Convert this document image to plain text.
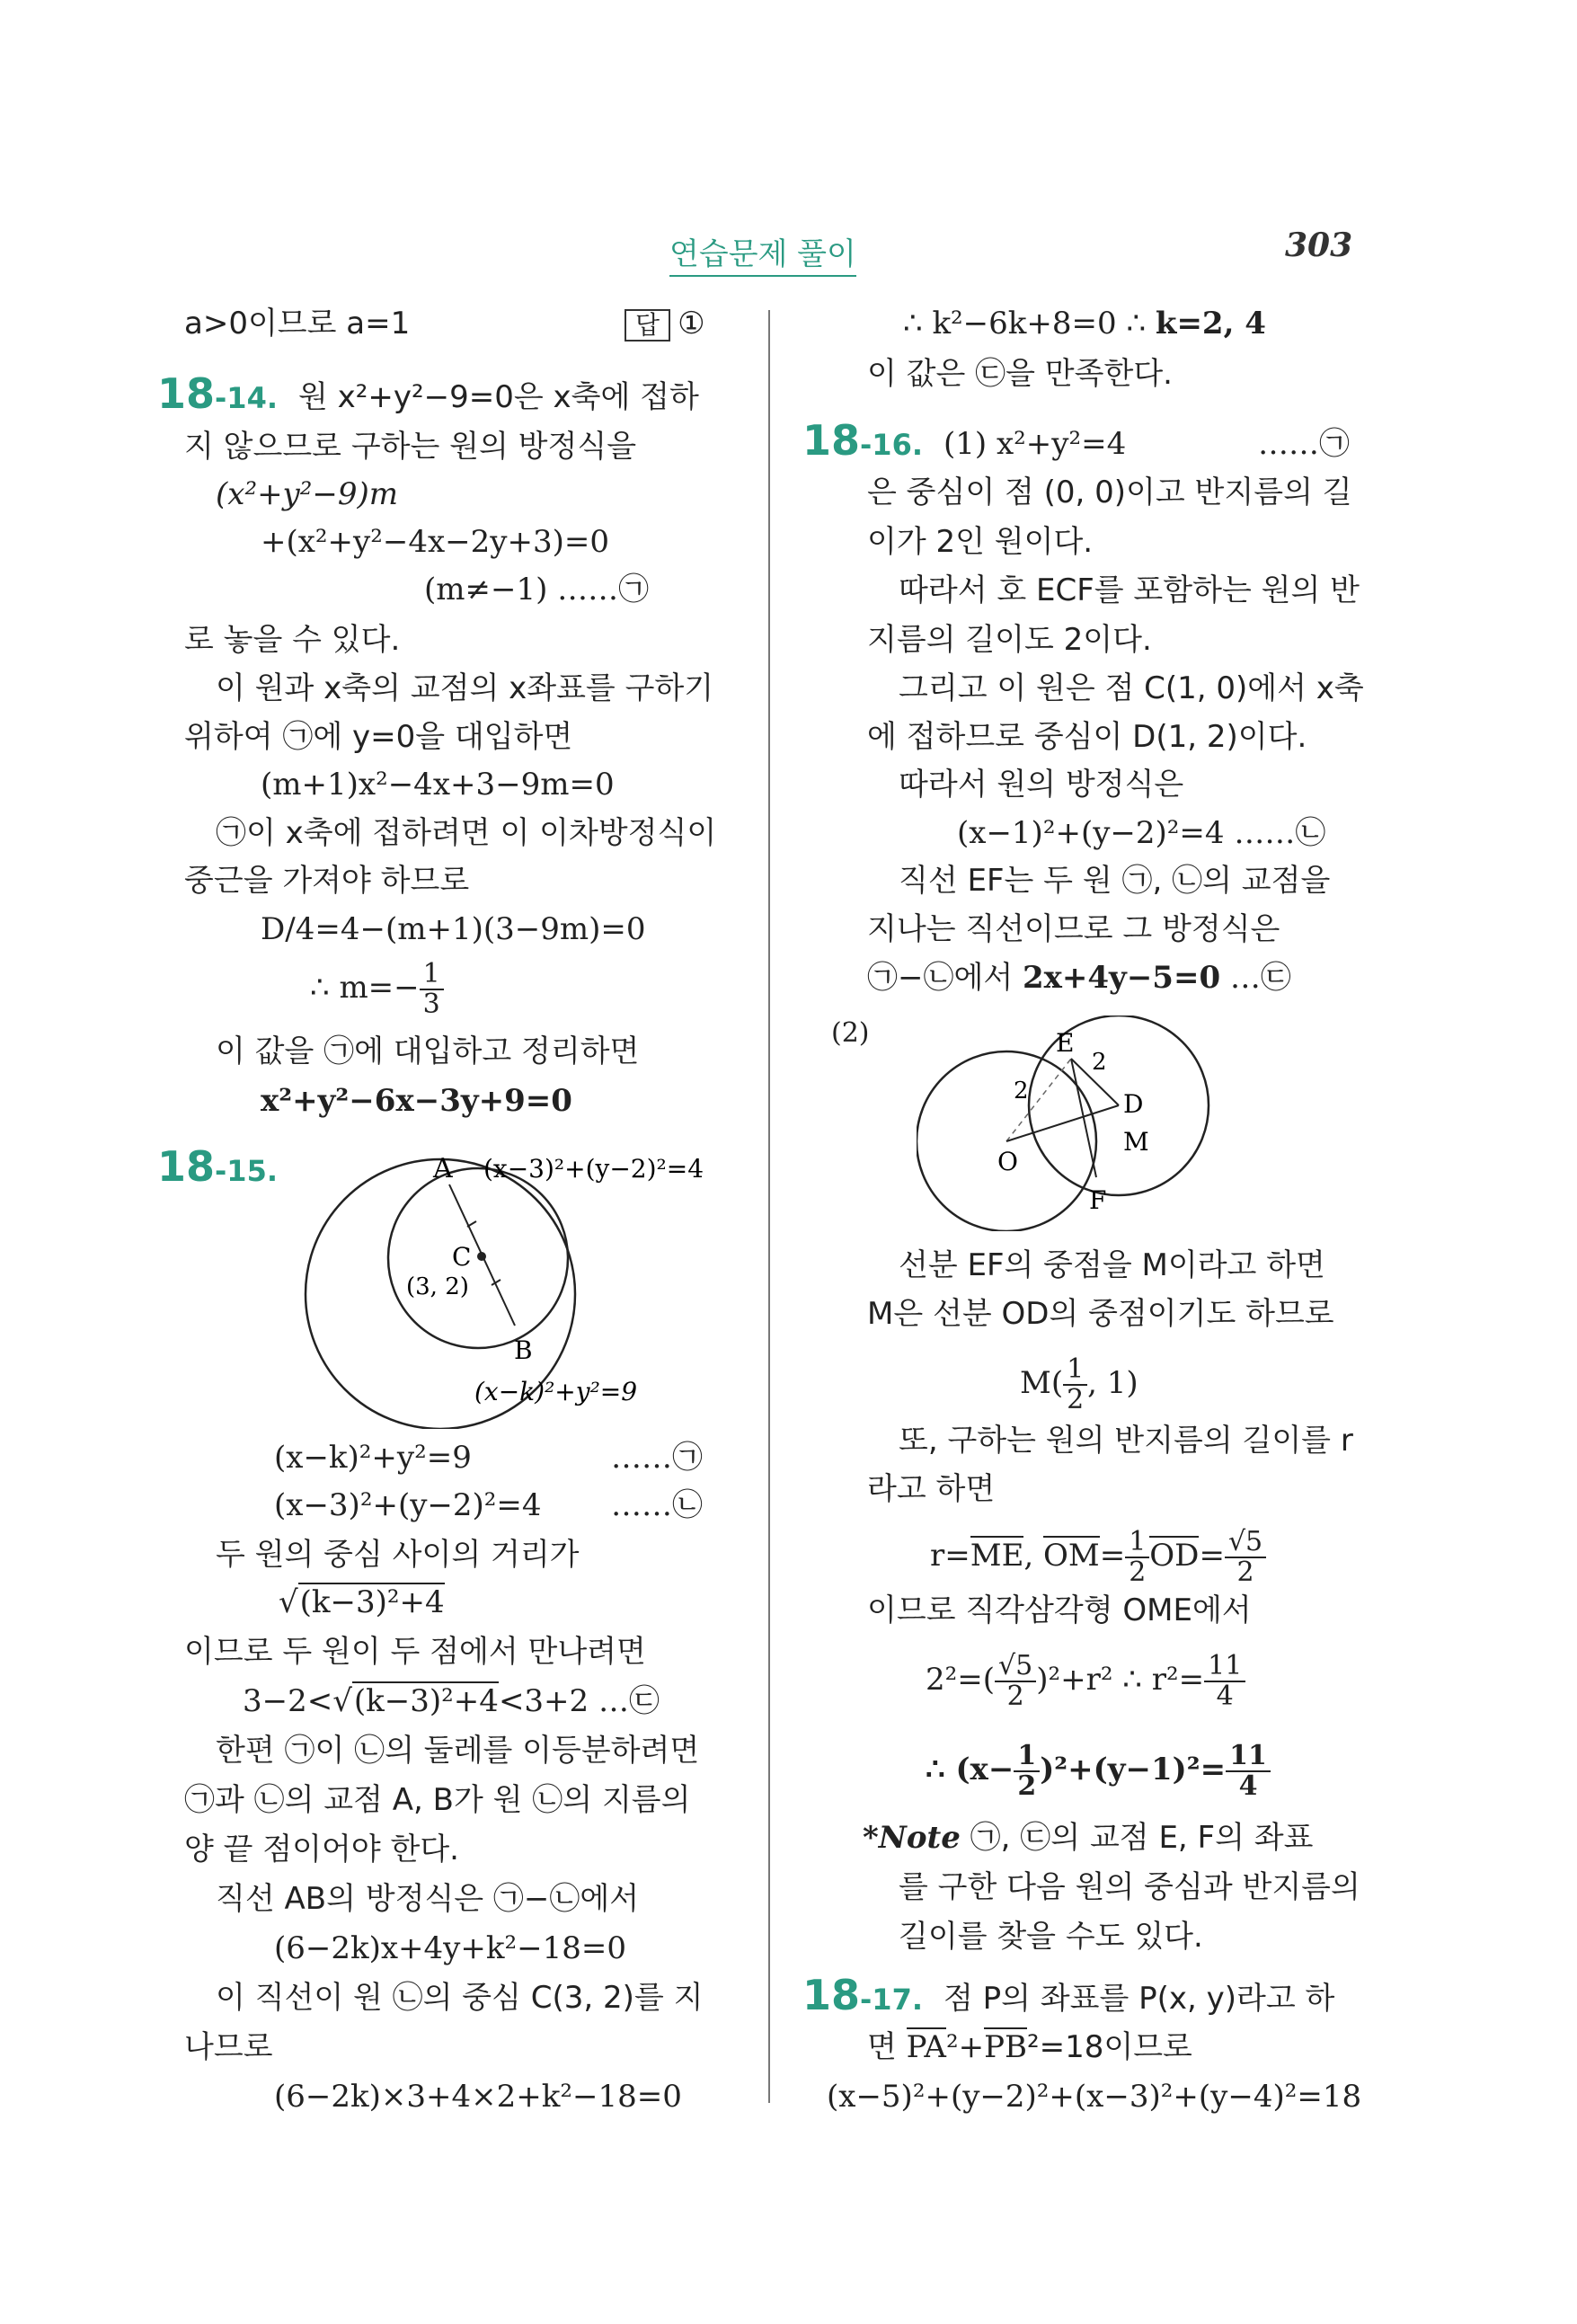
연습문제 풀이	303
a>0이므로 a=1	답 ①
18-14. 원 x²+y²−9=0은 x축에 접하
지 않으므로 구하는 원의 방정식을
(x²+y²−9)m
+(x²+y²−4x−2y+3)=0
(m≠−1) ……㉠
로 놓을 수 있다.
이 원과 x축의 교점의 x좌표를 구하기
위하여 ㉠에 y=0을 대입하면
(m+1)x²−4x+3−9m=0
㉠이 x축에 접하려면 이 이차방정식이
중근을 가져야 하므로
D/4=4−(m+1)(3−9m)=0
∴ $m=- \frac{1}{3}$
이 값을 ㉠에 대입하고 정리하면
x²+y²−6x−3y+9=0
18-15.	A
C
(3, 2)
B
(x−3)²+(y−2)²=4
(x−k)²+y²=9
(x−k)²+y²=9	……㉠
(x−3)²+(y−2)²=4 ……㉡
두 원의 중심 사이의 거리가
√(k−3)²+4
이므로 두 원이 두 점에서 만나려면
3−2<√(k−3)²+4<3+2 …㉢
한편 ㉠이 ㉡의 둘레를 이등분하려면
㉠과 ㉡의 교점 A, B가 원 ㉡의 지름의
양 끝 점이어야 한다.
직선 AB의 방정식은 ㉠−㉡에서
(6−2k)x+4y+k²−18=0
이 직선이 원 ㉡의 중심 C(3, 2)를 지
나므로
(6−2k)×3+4×2+k²−18=0
∴ k²−6k+8=0 ∴ k=2, 4
이 값은 ㉢을 만족한다.
18-16. (1) x²+y²=4	……㉠
은 중심이 점 (0, 0)이고 반지름의 길
이가 2인 원이다.
따라서 호 ECF를 포함하는 원의 반
지름의 길이도 2이다.
그리고 이 원은 점 C(1, 0)에서 x축
에 접하므로 중심이 D(1, 2)이다.
따라서 원의 방정식은
(x−1)²+(y−2)²=4 ……㉡
직선 EF는 두 원 ㉠, ㉡의 교점을
지나는 직선이므로 그 방정식은
㉠−㉡에서 2x+4y−5=0 …㉢
(2)	E
2
2
D
O
M
F
선분 EF의 중점을 M이라고 하면
M은 선분 OD의 중점이기도 하므로
$M( \frac{1}{2}$ , 1)
또, 구하는 원의 반지름의 길이를 r
라고 하면
r=ME, $OM= \frac{1}{2} OD= \frac{√5}{2}$
이므로 직각삼각형 OME에서
$2^2=( \frac{√5}{2} )^2+r^2$ ∴ $r^2= \frac{11}{4}$
∴ $(x- \frac{1}{2} )^2+(y-1)^2= \frac{11}{4}$
*Note ㉠, ㉢의 교점 E, F의 좌표
를 구한 다음 원의 중심과 반지름의
길이를 찾을 수도 있다.
18-17. 점 P의 좌표를 P(x, y)라고 하
면 PA²+PB²=18이므로
(x−5)²+(y−2)²+(x−3)²+(y−4)²=18
